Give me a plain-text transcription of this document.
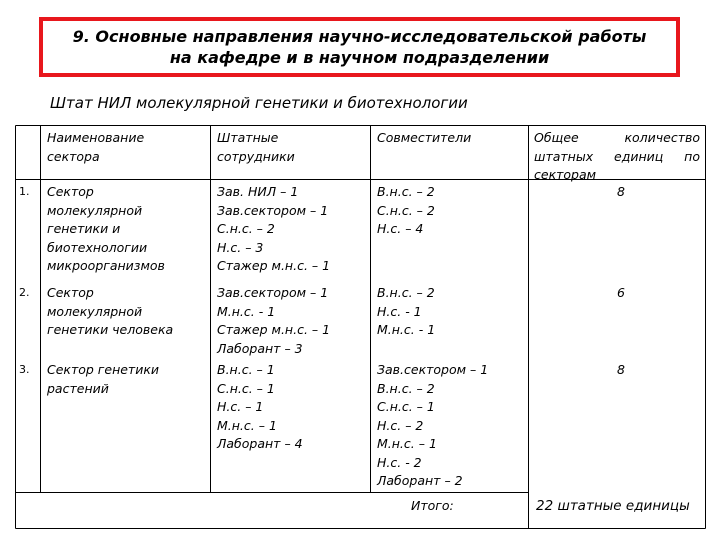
9. Основные направления научно-исследовательской работы
на кафедре и в научном подразделении
Штат НИЛ молекулярной генетики и биотехнологии
Наименование
сектора
Штатные
сотрудники
Совместители	Общее количество
штатных единиц по
секторам
1. Сектор
молекулярной
генетики и
биотехнологии
микроорганизмов
Зав. НИЛ – 1
Зав.сектором – 1
С.н.с. – 2
Н.с. – 3
Стажер м.н.с. – 1
В.н.с. – 2
С.н.с. – 2
Н.с. – 4
8
2. Сектор
молекулярной
генетики человека
Зав.сектором – 1
М.н.с. - 1
Стажер м.н.с. – 1
Лаборант – 3
В.н.с. – 2
Н.с. - 1
М.н.с. - 1
6
3. Сектор генетики
растений
В.н.с. – 1
С.н.с. – 1
Н.с. – 1
М.н.с. – 1
Лаборант – 4
Зав.сектором – 1
В.н.с. – 2
С.н.с. – 1
Н.с. – 2
М.н.с. – 1
Н.с. - 2
Лаборант – 2
8
Итого:	22 штатные единицы
